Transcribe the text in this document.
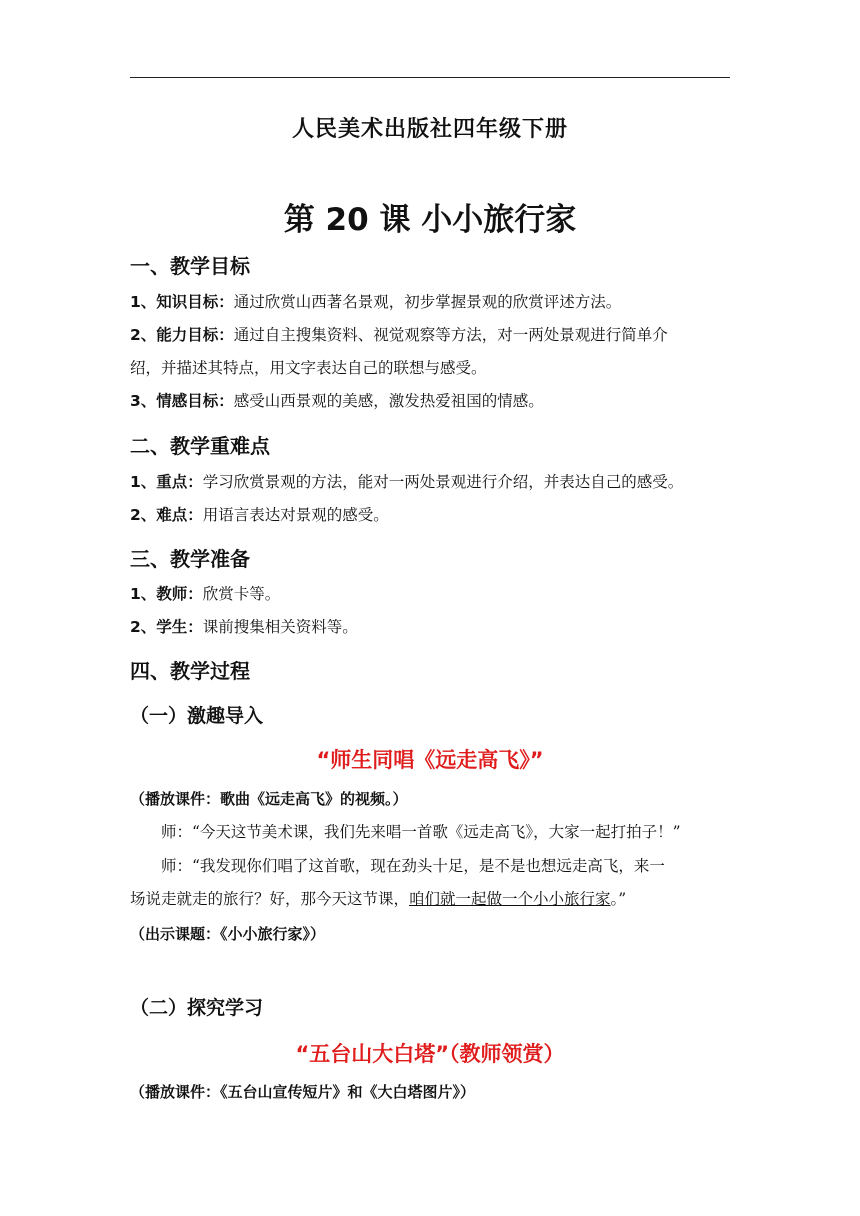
人民美术出版社四年级下册
第 20 课 小小旅行家
一、教学目标
1、知识目标：通过欣赏山西著名景观，初步掌握景观的欣赏评述方法。
2、能力目标：通过自主搜集资料、视觉观察等方法，对一两处景观进行简单介
绍，并描述其特点，用文字表达自己的联想与感受。
3、情感目标：感受山西景观的美感，激发热爱祖国的情感。
二、教学重难点
1、重点：学习欣赏景观的方法，能对一两处景观进行介绍，并表达自己的感受。
2、难点：用语言表达对景观的感受。
三、教学准备
1、教师：欣赏卡等。
2、学生：课前搜集相关资料等。
四、教学过程
（一）激趣导入
“师生同唱《远走高飞》”
（播放课件：歌曲《远走高飞》的视频。）
师：“今天这节美术课，我们先来唱一首歌《远走高飞》，大家一起打拍子！”
师：“我发现你们唱了这首歌，现在劲头十足，是不是也想远走高飞，来一
场说走就走的旅行？好，那今天这节课，咱们就一起做一个小小旅行家。”
（出示课题：《小小旅行家》）
（二）探究学习
“五台山大白塔”（教师领赏）
（播放课件：《五台山宣传短片》和《大白塔图片》）
